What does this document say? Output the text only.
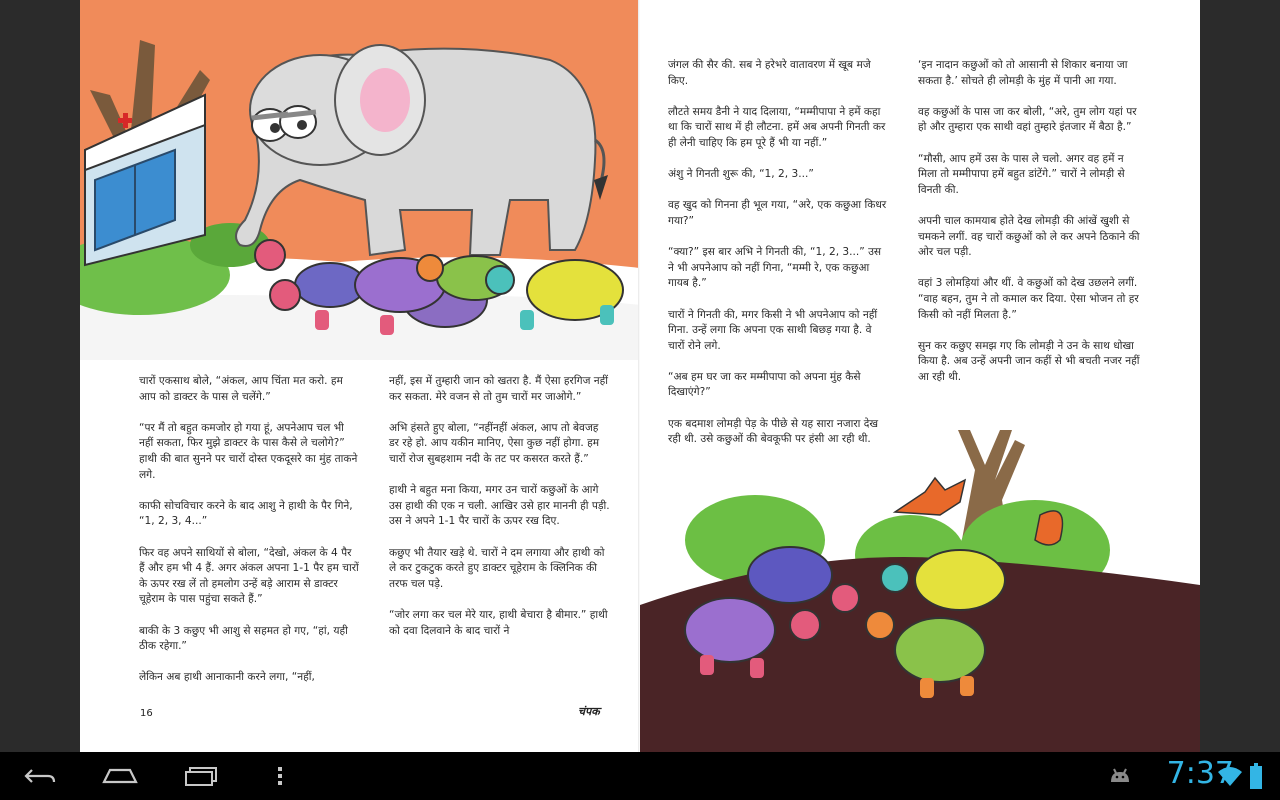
चारों एकसाथ बोले, “अंकल, आप चिंता मत करो. हम आप को डाक्टर के पास ले चलेंगे.”

“पर मैं तो बहुत कमजोर हो गया हूं, अपनेआप चल भी नहीं सकता, फिर मुझे डाक्टर के पास कैसे ले चलोगे?” हाथी की बात सुनने पर चारों दोस्त एकदूसरे का मुंह ताकने लगे.

काफी सोचविचार करने के बाद आशु ने हाथी के पैर गिने, “1, 2, 3, 4...”

फिर वह अपने साथियों से बोला, “देखो, अंकल के 4 पैर हैं और हम भी 4 हैं. अगर अंकल अपना 1-1 पैर हम चारों के ऊपर रख लें तो हमलोग उन्हें बड़े आराम से डाक्टर चूहेराम के पास पहुंचा सकते हैं.”

बाकी के 3 कछुए भी आशु से सहमत हो गए, “हां, यही ठीक रहेगा.”

लेकिन अब हाथी आनाकानी करने लगा, “नहीं,

नहीं, इस में तुम्हारी जान को खतरा है. मैं ऐसा हरगिज नहीं कर सकता. मेरे वजन से तो तुम चारों मर जाओगे.”

अभि हंसते हुए बोला, “नहींनहीं अंकल, आप तो बेवजह डर रहे हो. आप यकीन मानिए, ऐसा कुछ नहीं होगा. हम चारों रोज सुबहशाम नदी के तट पर कसरत करते हैं.”

हाथी ने बहुत मना किया, मगर उन चारों कछुओं के आगे उस हाथी की एक न चली. आखिर उसे हार माननी ही पड़ी. उस ने अपने 1-1 पैर चारों के ऊपर रख दिए.

कछुए भी तैयार खड़े थे. चारों ने दम लगाया और हाथी को ले कर टुकटुक करते हुए डाक्टर चूहेराम के क्लिनिक की तरफ चल पड़े.

“जोर लगा कर चल मेरे यार, हाथी बेचारा है बीमार.” हाथी को दवा दिलवाने के बाद चारों ने

16	चंपक

जंगल की सैर की. सब ने हरेभरे वातावरण में खूब मजे किए.

लौटते समय डैनी ने याद दिलाया, “मम्मीपापा ने हमें कहा था कि चारों साथ में ही लौटना. हमें अब अपनी गिनती कर ही लेनी चाहिए कि हम पूरे हैं भी या नहीं.”

अंशु ने गिनती शुरू की, “1, 2, 3...”

वह खुद को गिनना ही भूल गया, “अरे, एक कछुआ किधर गया?”

“क्या?” इस बार अभि ने गिनती की, “1, 2, 3...” उस ने भी अपनेआप को नहीं गिना, “मम्मी रे, एक कछुआ गायब है.”

चारों ने गिनती की, मगर किसी ने भी अपनेआप को नहीं गिना. उन्हें लगा कि अपना एक साथी बिछड़ गया है. वे चारों रोने लगे.

“अब हम घर जा कर मम्मीपापा को अपना मुंह कैसे दिखाएंगे?”

एक बदमाश लोमड़ी पेड़ के पीछे से यह सारा नजारा देख रही थी. उसे कछुओं की बेवकूफी पर हंसी आ रही थी.

‘इन नादान कछुओं को तो आसानी से शिकार बनाया जा सकता है.’ सोचते ही लोमड़ी के मुंह में पानी आ गया.

वह कछुओं के पास जा कर बोली, “अरे, तुम लोग यहां पर हो और तुम्हारा एक साथी वहां तुम्हारे इंतजार में बैठा है.”

“मौसी, आप हमें उस के पास ले चलो. अगर वह हमें न मिला तो मम्मीपापा हमें बहुत डांटेंगे.” चारों ने लोमड़ी से विनती की.

अपनी चाल कामयाब होते देख लोमड़ी की आंखें खुशी से चमकने लगीं. वह चारों कछुओं को ले कर अपने ठिकाने की ओर चल पड़ी.

वहां 3 लोमड़ियां और थीं. वे कछुओं को देख उछलने लगीं. “वाह बहन, तुम ने तो कमाल कर दिया. ऐसा भोजन तो हर किसी को नहीं मिलता है.”

सुन कर कछुए समझ गए कि लोमड़ी ने उन के साथ धोखा किया है. अब उन्हें अपनी जान कहीं से भी बचती नजर नहीं आ रही थी.

7:37
